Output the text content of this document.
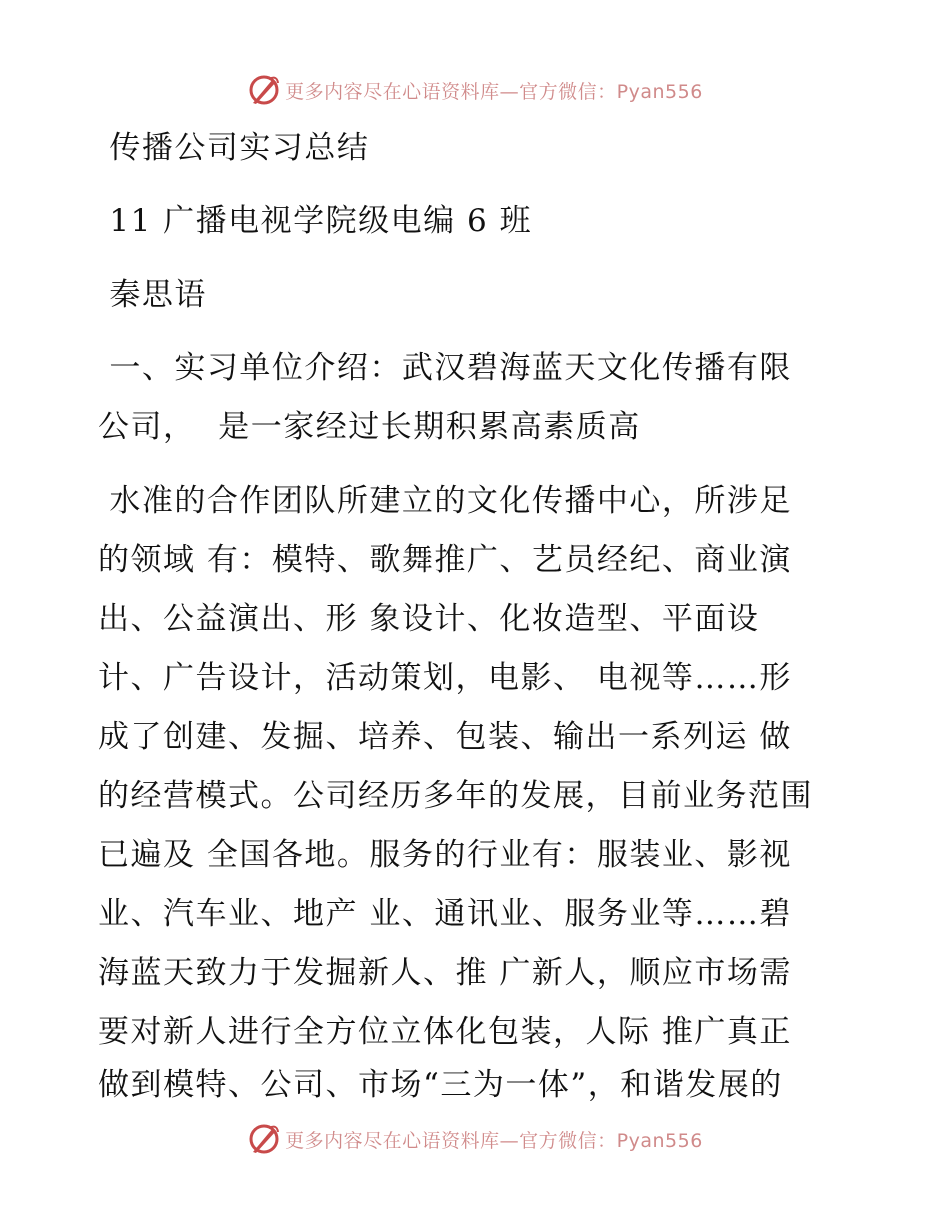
更多内容尽在心语资料库—官方微信：Pyan556
传播公司实习总结
11 广播电视学院级电编 6 班
秦思语
一、实习单位介绍：武汉碧海蓝天文化传播有限
公司，  是一家经过长期积累高素质高
水准的合作团队所建立的文化传播中心，所涉足
的领域 有：模特、歌舞推广、艺员经纪、商业演
出、公益演出、形 象设计、化妆造型、平面设
计、广告设计，活动策划，电影、 电视等……形
成了创建、发掘、培养、包装、输出一系列运 做
的经营模式。公司经历多年的发展，目前业务范围
已遍及 全国各地。服务的行业有：服装业、影视
业、汽车业、地产 业、通讯业、服务业等……碧
海蓝天致力于发掘新人、推 广新人，顺应市场需
要对新人进行全方位立体化包装，人际 推广真正
做到模特、公司、市场“三为一体”，和谐发展的
更多内容尽在心语资料库—官方微信：Pyan556
